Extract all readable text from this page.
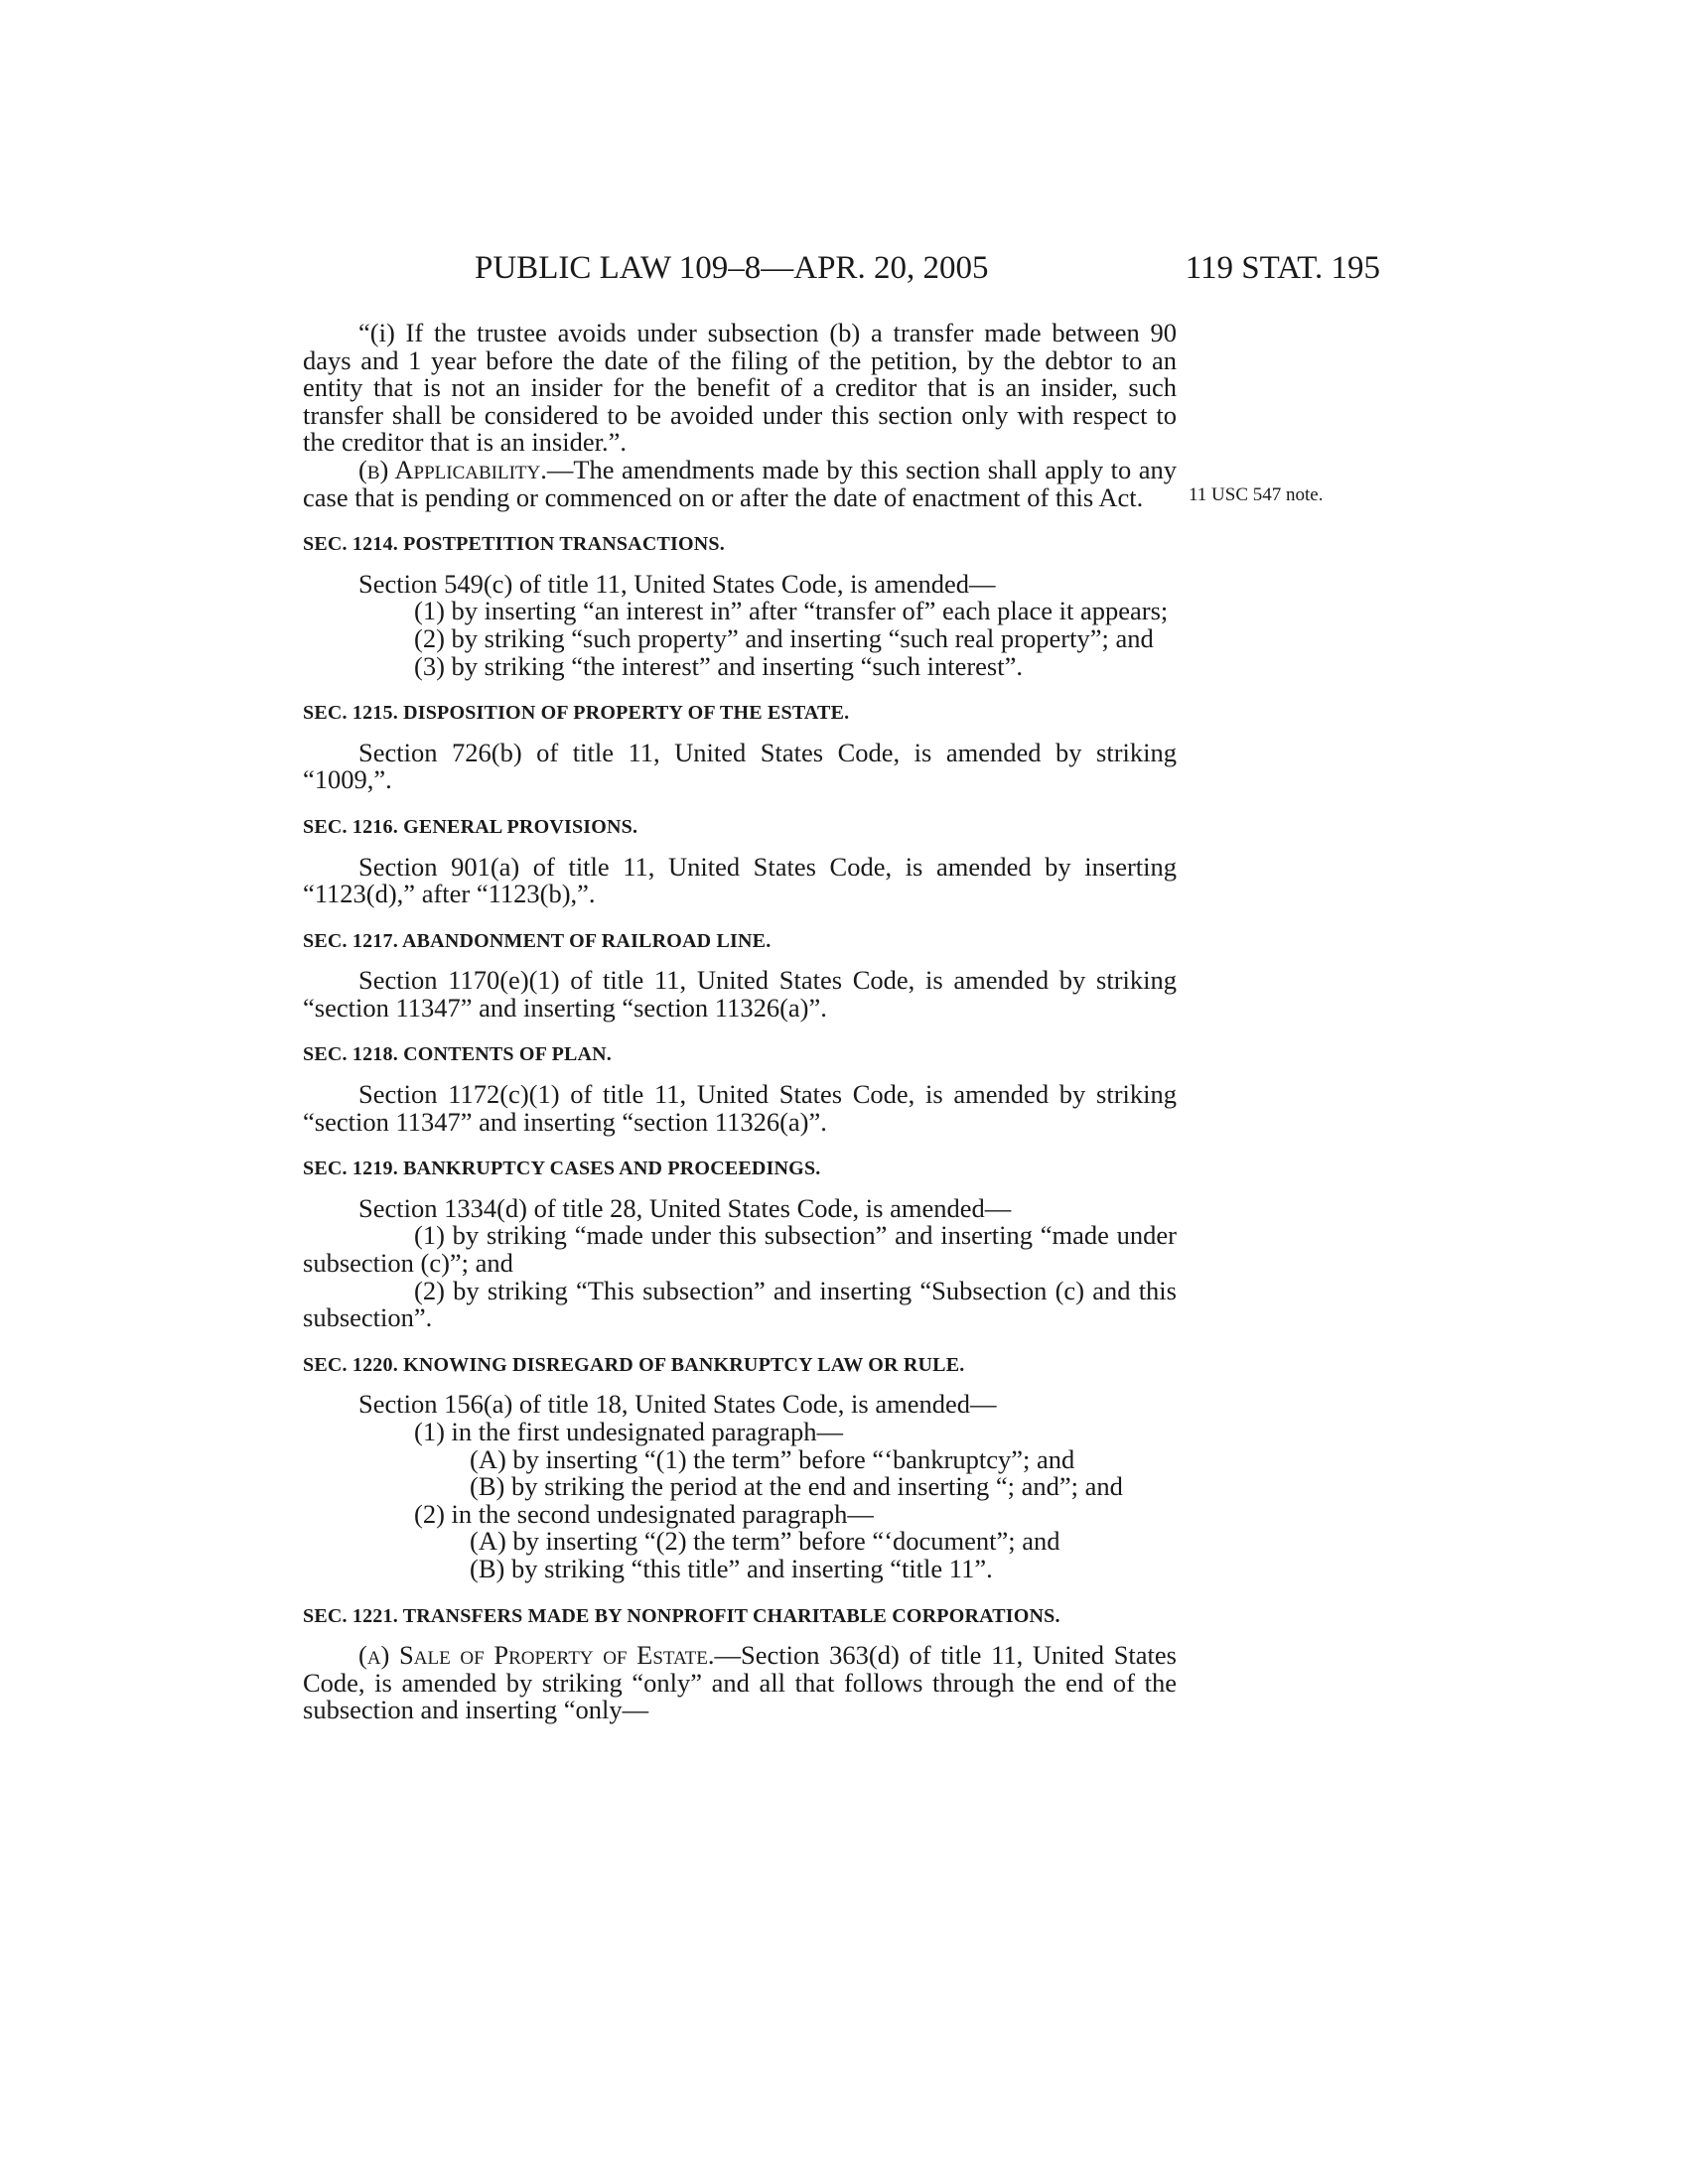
PUBLIC LAW 109–8—APR. 20, 2005	119 STAT. 195
11 USC 547 note.

“(i) If the trustee avoids under subsection (b) a transfer made between 90 days and 1 year before the date of the filing of the petition, by the debtor to an entity that is not an insider for the benefit of a creditor that is an insider, such transfer shall be considered to be avoided under this section only with respect to the creditor that is an insider.”.

(b) Applicability.—The amendments made by this section shall apply to any case that is pending or commenced on or after the date of enactment of this Act.

SEC. 1214. POSTPETITION TRANSACTIONS.

Section 549(c) of title 11, United States Code, is amended—

(1) by inserting “an interest in” after “transfer of” each place it appears;

(2) by striking “such property” and inserting “such real property”; and

(3) by striking “the interest” and inserting “such interest”.

SEC. 1215. DISPOSITION OF PROPERTY OF THE ESTATE.

Section 726(b) of title 11, United States Code, is amended by striking “1009,”.

SEC. 1216. GENERAL PROVISIONS.

Section 901(a) of title 11, United States Code, is amended by inserting “1123(d),” after “1123(b),”.

SEC. 1217. ABANDONMENT OF RAILROAD LINE.

Section 1170(e)(1) of title 11, United States Code, is amended by striking “section 11347” and inserting “section 11326(a)”.

SEC. 1218. CONTENTS OF PLAN.

Section 1172(c)(1) of title 11, United States Code, is amended by striking “section 11347” and inserting “section 11326(a)”.

SEC. 1219. BANKRUPTCY CASES AND PROCEEDINGS.

Section 1334(d) of title 28, United States Code, is amended—

(1) by striking “made under this subsection” and inserting “made under subsection (c)”; and

(2) by striking “This subsection” and inserting “Subsection (c) and this subsection”.

SEC. 1220. KNOWING DISREGARD OF BANKRUPTCY LAW OR RULE.

Section 156(a) of title 18, United States Code, is amended—

(1) in the first undesignated paragraph—

(A) by inserting “(1) the term” before “‘bankruptcy”; and

(B) by striking the period at the end and inserting “; and”; and

(2) in the second undesignated paragraph—

(A) by inserting “(2) the term” before “‘document”; and

(B) by striking “this title” and inserting “title 11”.

SEC. 1221. TRANSFERS MADE BY NONPROFIT CHARITABLE CORPORATIONS.

(a) Sale of Property of Estate.—Section 363(d) of title 11, United States Code, is amended by striking “only” and all that follows through the end of the subsection and inserting “only—
